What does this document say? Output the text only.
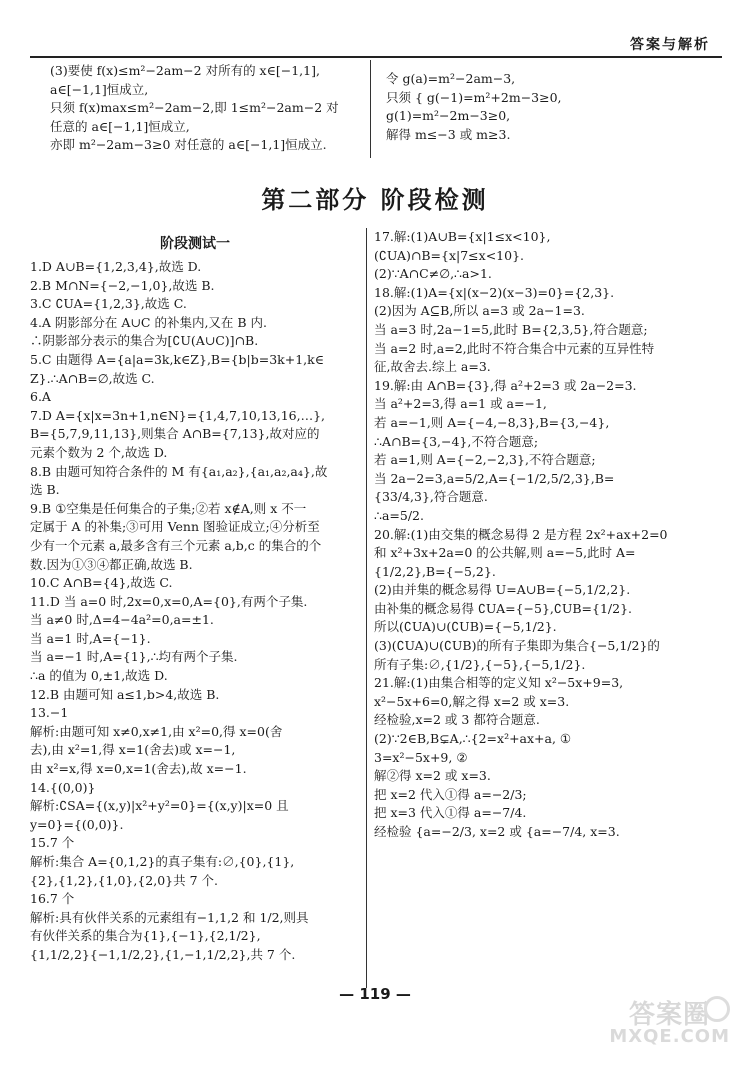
答案与解析
(3)要使 f(x)≤m²−2am−2 对所有的 x∈[−1,1],
a∈[−1,1]恒成立,
只须 f(x)max≤m²−2am−2,即 1≤m²−2am−2 对
任意的 a∈[−1,1]恒成立,
亦即 m²−2am−3≥0 对任意的 a∈[−1,1]恒成立.
令 g(a)=m²−2am−3,
只须 { g(−1)=m²+2m−3≥0,
g(1)=m²−2m−3≥0,
解得 m≤−3 或 m≥3.
第二部分 阶段检测
阶段测试一
1.D A∪B={1,2,3,4},故选 D.
2.B M∩N={−2,−1,0},故选 B.
3.C ∁UA={1,2,3},故选 C.
4.A 阴影部分在 A∪C 的补集内,又在 B 内.
∴阴影部分表示的集合为[∁U(A∪C)]∩B.
5.C 由题得 A={a|a=3k,k∈Z},B={b|b=3k+1,k∈
Z}.∴A∩B=∅,故选 C.
6.A
7.D A={x|x=3n+1,n∈N}={1,4,7,10,13,16,…},
B={5,7,9,11,13},则集合 A∩B={7,13},故对应的
元素个数为 2 个,故选 D.
8.B 由题可知符合条件的 M 有{a₁,a₂},{a₁,a₂,a₄},故
选 B.
9.B ①空集是任何集合的子集;②若 x∉A,则 x 不一
定属于 A 的补集;③可用 Venn 图验证成立;④分析至
少有一个元素 a,最多含有三个元素 a,b,c 的集合的个
数.因为①③④都正确,故选 B.
10.C A∩B={4},故选 C.
11.D 当 a=0 时,2x=0,x=0,A={0},有两个子集.
当 a≠0 时,Δ=4−4a²=0,a=±1.
当 a=1 时,A={−1}.
当 a=−1 时,A={1},∴均有两个子集.
∴a 的值为 0,±1,故选 D.
12.B 由题可知 a≤1,b>4,故选 B.
13.−1
解析:由题可知 x≠0,x≠1,由 x²=0,得 x=0(舍
去),由 x²=1,得 x=1(舍去)或 x=−1,
由 x²=x,得 x=0,x=1(舍去),故 x=−1.
14.{(0,0)}
解析:∁SA={(x,y)|x²+y²=0}={(x,y)|x=0 且
y=0}={(0,0)}.
15.7 个
解析:集合 A={0,1,2}的真子集有:∅,{0},{1},
{2},{1,2},{1,0},{2,0}共 7 个.
16.7 个
解析:具有伙伴关系的元素组有−1,1,2 和 1/2,则具
有伙伴关系的集合为{1},{−1},{2,1/2},
{1,1/2,2}{−1,1/2,2},{1,−1,1/2,2},共 7 个.
17.解:(1)A∪B={x|1≤x<10},
(∁UA)∩B={x|7≤x<10}.
(2)∵A∩C≠∅,∴a>1.
18.解:(1)A={x|(x−2)(x−3)=0}={2,3}.
(2)因为 A⊆B,所以 a=3 或 2a−1=3.
当 a=3 时,2a−1=5,此时 B={2,3,5},符合题意;
当 a=2 时,a=2,此时不符合集合中元素的互异性特
征,故舍去.综上 a=3.
19.解:由 A∩B={3},得 a²+2=3 或 2a−2=3.
当 a²+2=3,得 a=1 或 a=−1,
若 a=−1,则 A={−4,−8,3},B={3,−4},
∴A∩B={3,−4},不符合题意;
若 a=1,则 A={−2,−2,3},不符合题意;
当 2a−2=3,a=5/2,A={−1/2,5/2,3},B=
{33/4,3},符合题意.
∴a=5/2.
20.解:(1)由交集的概念易得 2 是方程 2x²+ax+2=0
和 x²+3x+2a=0 的公共解,则 a=−5,此时 A=
{1/2,2},B={−5,2}.
(2)由并集的概念易得 U=A∪B={−5,1/2,2}.
由补集的概念易得 ∁UA={−5},∁UB={1/2}.
所以(∁UA)∪(∁UB)={−5,1/2}.
(3)(∁UA)∪(∁UB)的所有子集即为集合{−5,1/2}的
所有子集:∅,{1/2},{−5},{−5,1/2}.
21.解:(1)由集合相等的定义知 x²−5x+9=3,
x²−5x+6=0,解之得 x=2 或 x=3.
经检验,x=2 或 3 都符合题意.
(2)∵2∈B,B⊊A,∴{2=x²+ax+a, ①
3=x²−5x+9, ②
解②得 x=2 或 x=3.
把 x=2 代入①得 a=−2/3;
把 x=3 代入①得 a=−7/4.
经检验 {a=−2/3, x=2 或 {a=−7/4, x=3.
— 119 —
答案圈
MXQE.COM
